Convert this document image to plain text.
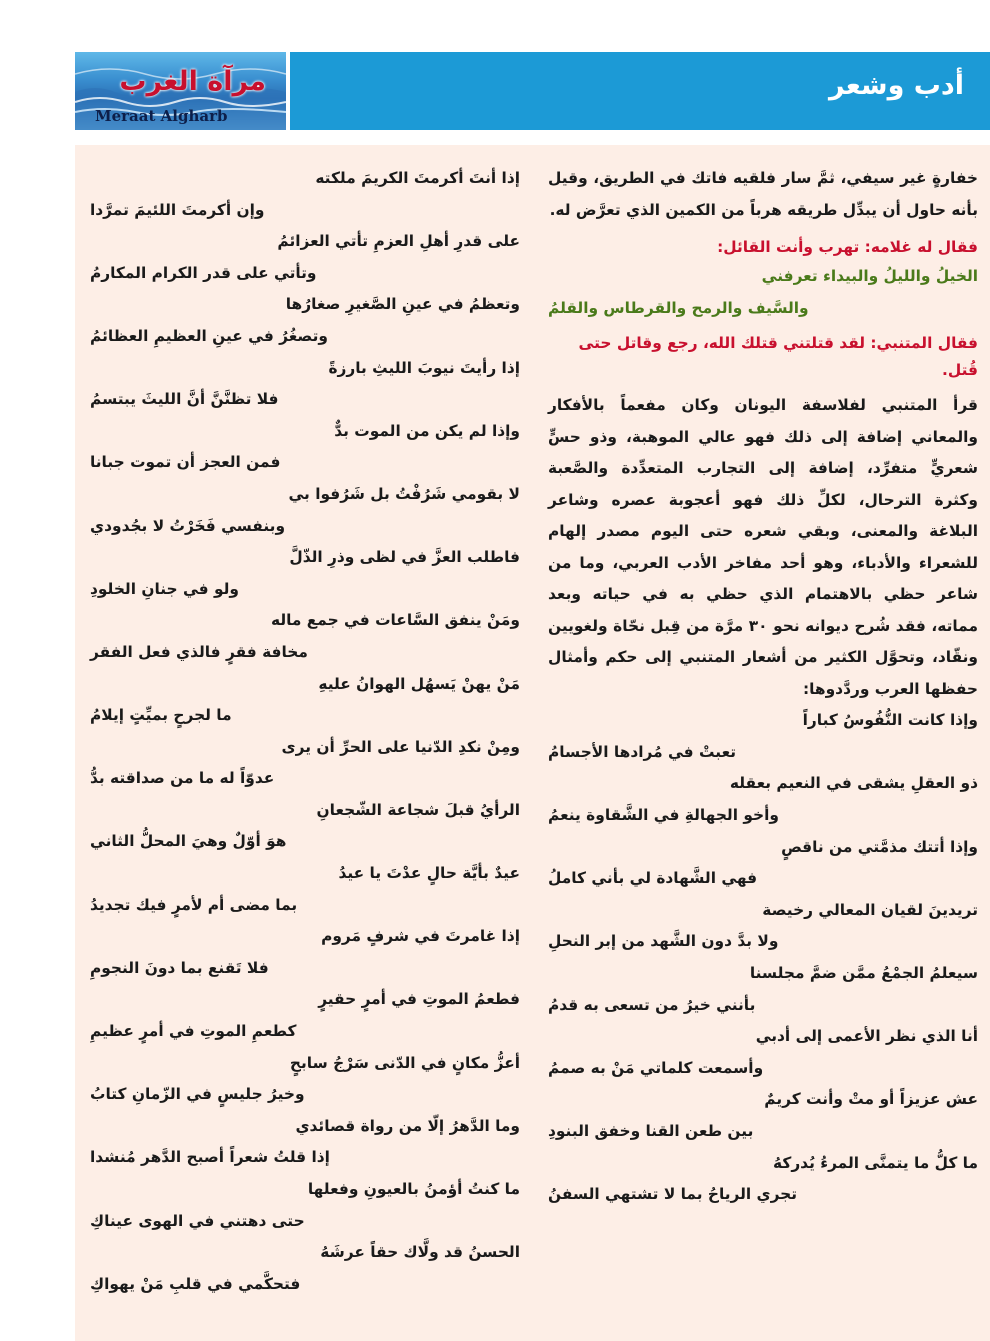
مرآة الغرب
Meraat Algharb
أدب وشعر

خفارةٍ غير سيفي، ثمَّ سار فلقيه فاتك في الطريق، وقيل بأنه حاول أن يبدِّل طريقه هرباً من الكمين الذي تعرَّض له.

فقال له غلامه: تهرب وأنت القائل:

الخيلُ والليلُ والبيداء تعرفني

والسَّيف والرمح والقرطاس والقلمُ

فقال المتنبي: لقد قتلتني قتلك الله، رجع وقاتل حتى قُتل.

قرأ المتنبي لفلاسفة اليونان وكان مفعماً بالأفكار والمعاني إضافة إلى ذلك فهو عالي الموهبة، وذو حسٍّ شعريٍّ متفرِّد، إضافة إلى التجارب المتعدِّدة والصَّعبة وكثرة الترحال، لكلِّ ذلك فهو أعجوبة عصره وشاعر البلاغة والمعنى، وبقي شعره حتى اليوم مصدر إلهام للشعراء والأدباء، وهو أحد مفاخر الأدب العربي، وما من شاعر حظي بالاهتمام الذي حظي به في حياته وبعد مماته، فقد شُرح ديوانه نحو ٣٠ مرَّة من قِبل نحّاة ولغويين ونقّاد، وتحوَّل الكثير من أشعار المتنبي إلى حكم وأمثال حفظها العرب وردَّدوها:

وإذا كانت النُّفُوسُ كباراً

تعبتْ في مُرادها الأجسامُ

ذو العقلِ يشقى في النعيم بعقله

وأخو الجهالةِ في الشَّقاوة ينعمُ

وإذا أتتك مذمَّتي من ناقصٍ

فهي الشَّهادة لي بأني كاملُ

تريدينَ لقيان المعالي رخيصة

ولا بدَّ دون الشَّهد من إبر النحلِ

سيعلمُ الجمْعُ ممَّن ضمَّ مجلسنا

بأنني خيرُ من تسعى به قدمُ

أنا الذي نظر الأعمى إلى أدبي

وأسمعت كلماتي مَنْ به صممُ

عش عزيزاً أو متْ وأنت كريمٌ

بين طعن القنا وخفق البنودِ

ما كلُّ ما يتمنَّى المرءُ يُدركهُ

تجري الرياحُ بما لا تشتهي السفنُ

إذا أنتَ أكرمتَ الكريمَ ملكته

وإن أكرمتَ اللئيمَ تمرَّدا

على قدرِ أهلِ العزمِ تأتي العزائمُ

وتأتي على قدر الكرام المكارمُ

وتعظمُ في عينِ الصَّغيرِ صغارُها

وتصغُرُ في عينِ العظيمِ العظائمُ

إذا رأيتَ نيوبَ الليثِ بارزةً

فلا تظنَّنَّ أنَّ الليثَ يبتسمُ

وإذا لم يكن من الموت بدٌّ

فمن العجز أن تموت جبانا

لا بقومي شَرُفْتُ بل شَرُفوا بي

وبنفسي فَخَرْتُ لا بجُدودي

فاطلب العزَّ في لظى وذرِ الذّلَّ

ولو في جنانِ الخلودِ

ومَنْ ينفق السَّاعات في جمع ماله

مخافة فقرٍ فالذي فعل الفقر

مَنْ يهنْ يَسهُل الهوانُ عليهِ

ما لجرحٍ بميِّتٍ إيلامُ

ومِنْ نكدِ الدّنيا على الحرِّ أن يرى

عدوّاً له ما من صداقته بدُّ

الرأيُ قبلَ شجاعة الشّجعانِ

هوَ أوّلٌ وهيَ المحلُّ الثاني

عيدٌ بأيَّة حالٍ عدْتَ يا عيدُ

بما مضى أم لأمرٍ فيك تجديدُ

إذا غامرتَ في شرفٍ مَروم

فلا تَقنع بما دونَ النجومِ

فطعمُ الموتِ في أمرٍ حقيرٍ

كطعمِ الموتِ في أمرٍ عظيمِ

أعزُّ مكانٍ في الدّنى سَرْجُ سابحٍ

وخيرُ جليسٍ في الزّمانِ كتابُ

وما الدَّهرُ إلّا من رواة قصائدي

إذا قلتُ شعراً أصبح الدَّهر مُنشدا

ما كنتُ أؤمنُ بالعيونِ وفعلها

حتى دهتني في الهوى عيناكِ

الحسنُ قد ولَّاك حقاً عرشَهُ

فتحكَّمي في قلبِ مَنْ يهواكِ
